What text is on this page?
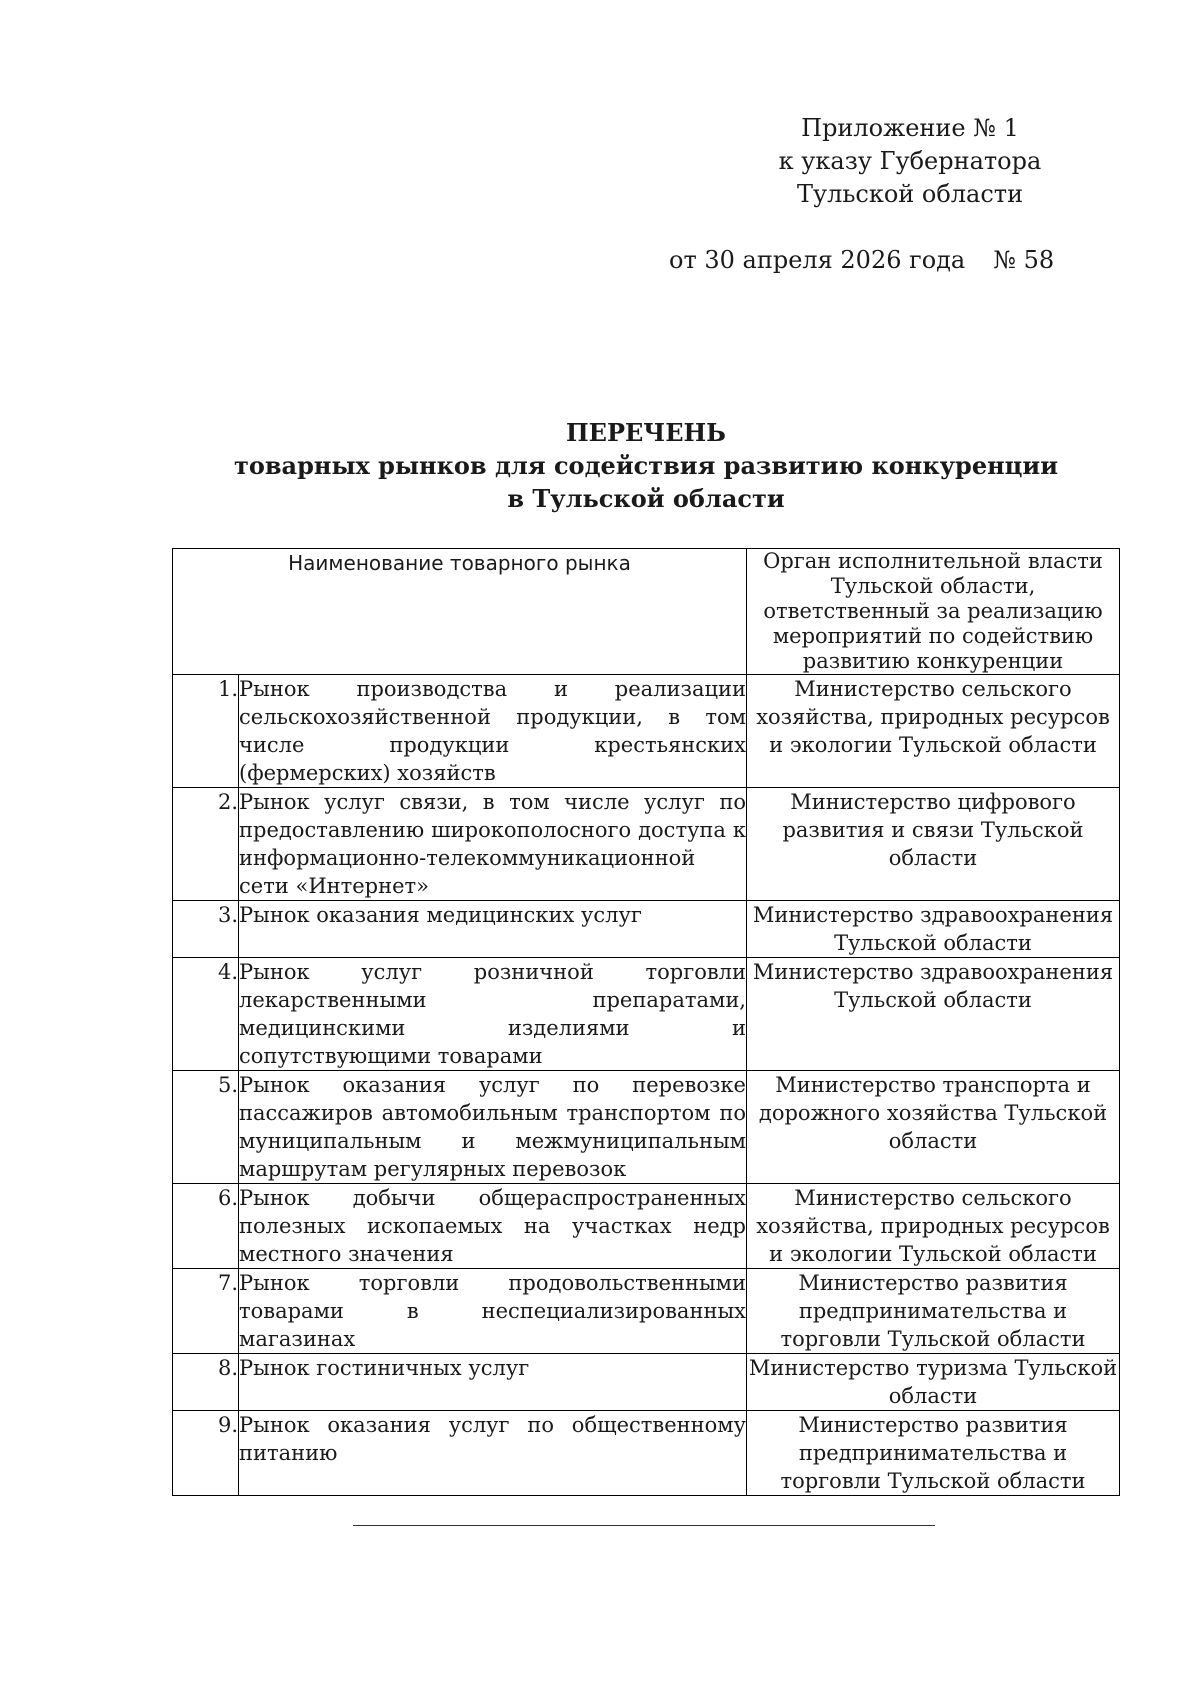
Приложение № 1
к указу Губернатора
Тульской области
от 30 апреля 2026 года № 58
ПЕРЕЧЕНЬ
товарных рынков для содействия развитию конкуренции
в Тульской области
Наименование товарного рынка		Орган исполнительной власти Тульской области, ответственный за реализацию мероприятий по содействию развитию конкуренции
1.	Рынок производства и реализации сельскохозяйственной продукции, в том числе продукции крестьянских (фермерских) хозяйств	Министерство сельского хозяйства, природных ресурсов и экологии Тульской области
2.	Рынок услуг связи, в том числе услуг по предоставлению широкополосного доступа к информационно-телекоммуникационной сети «Интернет»	Министерство цифрового развития и связи Тульской области
3.	Рынок оказания медицинских услуг	Министерство здравоохранения Тульской области
4.	Рынок услуг розничной торговли лекарственными препаратами, медицинскими изделиями и сопутствующими товарами	Министерство здравоохранения Тульской области
5.	Рынок оказания услуг по перевозке пассажиров автомобильным транспортом по муниципальным и межмуниципальным маршрутам регулярных перевозок	Министерство транспорта и дорожного хозяйства Тульской области
6.	Рынок добычи общераспространенных полезных ископаемых на участках недр местного значения	Министерство сельского хозяйства, природных ресурсов и экологии Тульской области
7.	Рынок торговли продовольственными товарами в неспециализированных магазинах	Министерство развития предпринимательства и торговли Тульской области
8.	Рынок гостиничных услуг	Министерство туризма Тульской области
9.	Рынок оказания услуг по общественному питанию	Министерство развития предпринимательства и торговли Тульской области
